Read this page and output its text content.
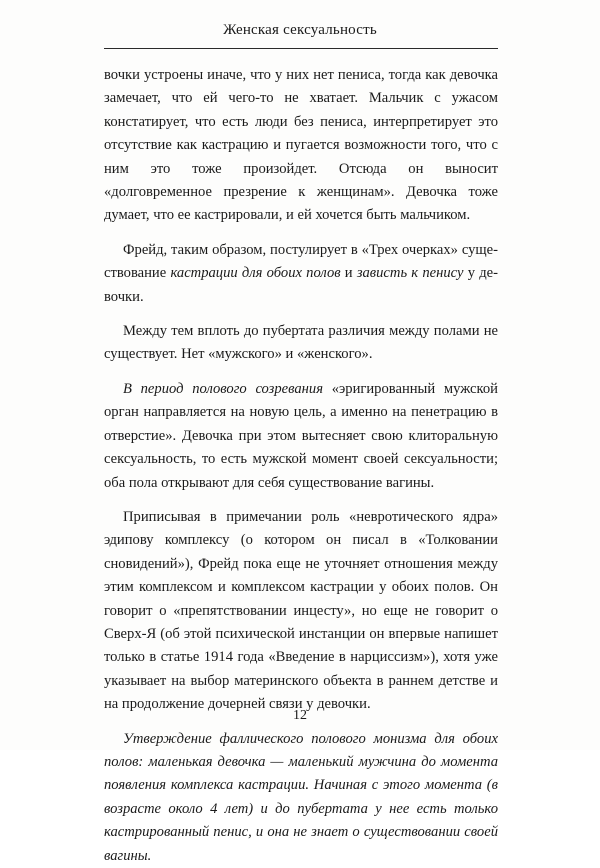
Женская сексуальность

вочки устроены иначе, что у них нет пениса, тогда как девочка замечает, что ей чего-то не хватает. Мальчик с ужасом констатирует, что есть люди без пениса, интерпретирует это отсутствие как кастрацию и пугается возможности того, что с ним это тоже произойдет. Отсюда он выносит «долговременное презрение к женщинам». Девочка тоже думает, что ее кастрировали, и ей хочется быть мальчиком.

Фрейд, таким образом, постулирует в «Трех очерках» существование кастрации для обоих полов и зависть к пенису у девочки.

Между тем вплоть до пубертата различия между полами не существует. Нет «мужского» и «женского».

В период полового созревания «эригированный мужской орган направляется на новую цель, а именно на пенетрацию в отверстие». Девочка при этом вытесняет свою клиторальную сексуальность, то есть мужской момент своей сексуальности; оба пола открывают для себя существование вагины.

Приписывая в примечании роль «невротического ядра» эдипову комплексу (о котором он писал в «Толковании сновидений»), Фрейд пока еще не уточняет отношения между этим комплексом и комплексом кастрации у обоих полов. Он говорит о «препятствовании инцесту», но еще не говорит о Сверх-Я (об этой психической инстанции он впервые напишет только в статье 1914 года «Введение в нарциссизм»), хотя уже указывает на выбор материнского объекта в раннем детстве и на продолжение дочерней связи у девочки.

Утверждение фаллического полового монизма для обоих полов: маленькая девочка — маленький мужчина до момента появления комплекса кастрации. Начиная с этого момента (в возрасте около 4 лет) и до пубертата у нее есть только кастрированный пенис, и она не знает о существовании своей вагины.

12
